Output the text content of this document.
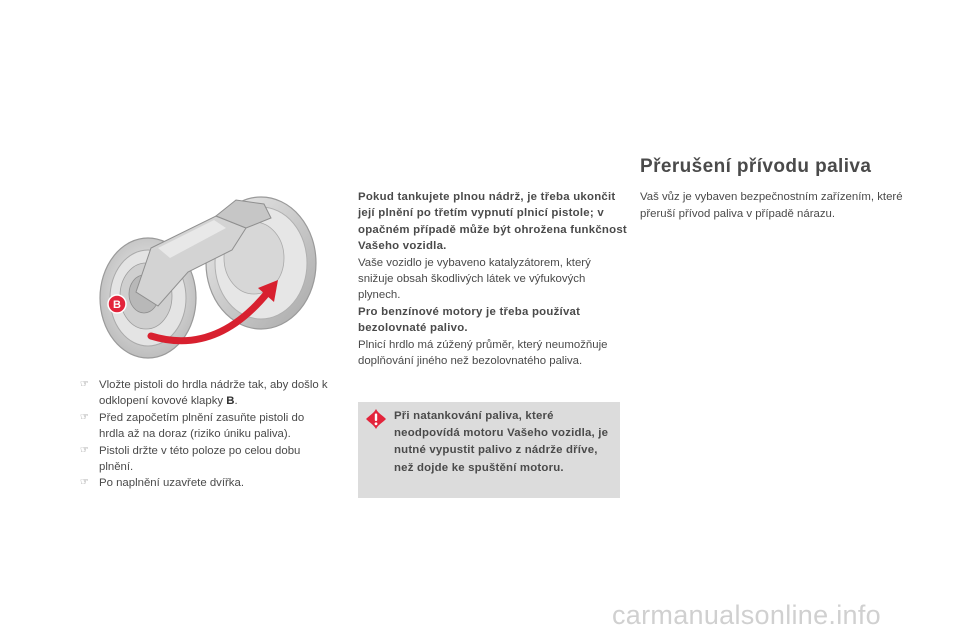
B
☞ Vložte pistoli do hrdla nádrže tak, aby došlo k odklopení kovové klapky B.
☞ Před započetím plnění zasuňte pistoli do hrdla až na doraz (riziko úniku paliva).
☞ Pistoli držte v této poloze po celou dobu plnění.
☞ Po naplnění uzavřete dvířka.

Pokud tankujete plnou nádrž, je třeba ukončit její plnění po třetím vypnutí plnicí pistole; v opačném případě může být ohrožena funkčnost Vašeho vozidla.

Vaše vozidlo je vybaveno katalyzátorem, který snižuje obsah škodlivých látek ve výfukových plynech.

Pro benzínové motory je třeba používat bezolovnaté palivo.

Plnicí hrdlo má zúžený průměr, který neumožňuje doplňování jiného než bezolovnatého paliva.

Při natankování paliva, které neodpovídá motoru Vašeho vozidla, je nutné vypustit palivo z nádrže dříve, než dojde ke spuštění motoru.

Přerušení přívodu paliva

Vaš vůz je vybaven bezpečnostním zařízením, které přeruší přívod paliva v případě nárazu.

carmanualsonline.info
